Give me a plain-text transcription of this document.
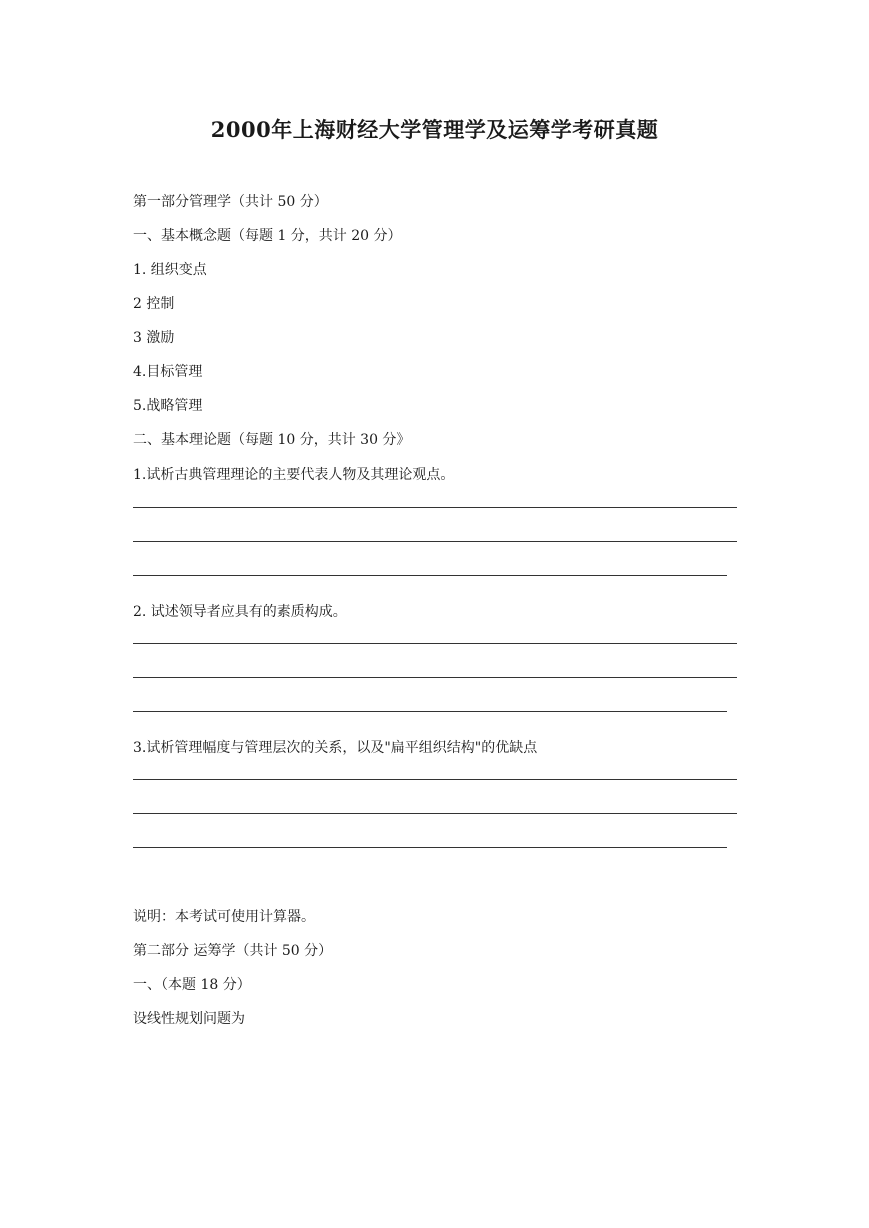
2000年上海财经大学管理学及运筹学考研真题
第一部分管理学（共计 50 分）
一、基本概念题（每题 1 分，共计 20 分）
1. 组织变点
2 控制
3 激励
4.目标管理
5.战略管理
二、基本理论题（每题 10 分，共计 30 分》
1.试析古典管理理论的主要代表人物及其理论观点。
2. 试述领导者应具有的素质构成。
3.试析管理幅度与管理层次的关系，以及"扁平组织结构"的优缺点
说明：本考试可使用计算器。
第二部分 运筹学（共计 50 分）
一、（本题 18 分）
设线性规划问题为
